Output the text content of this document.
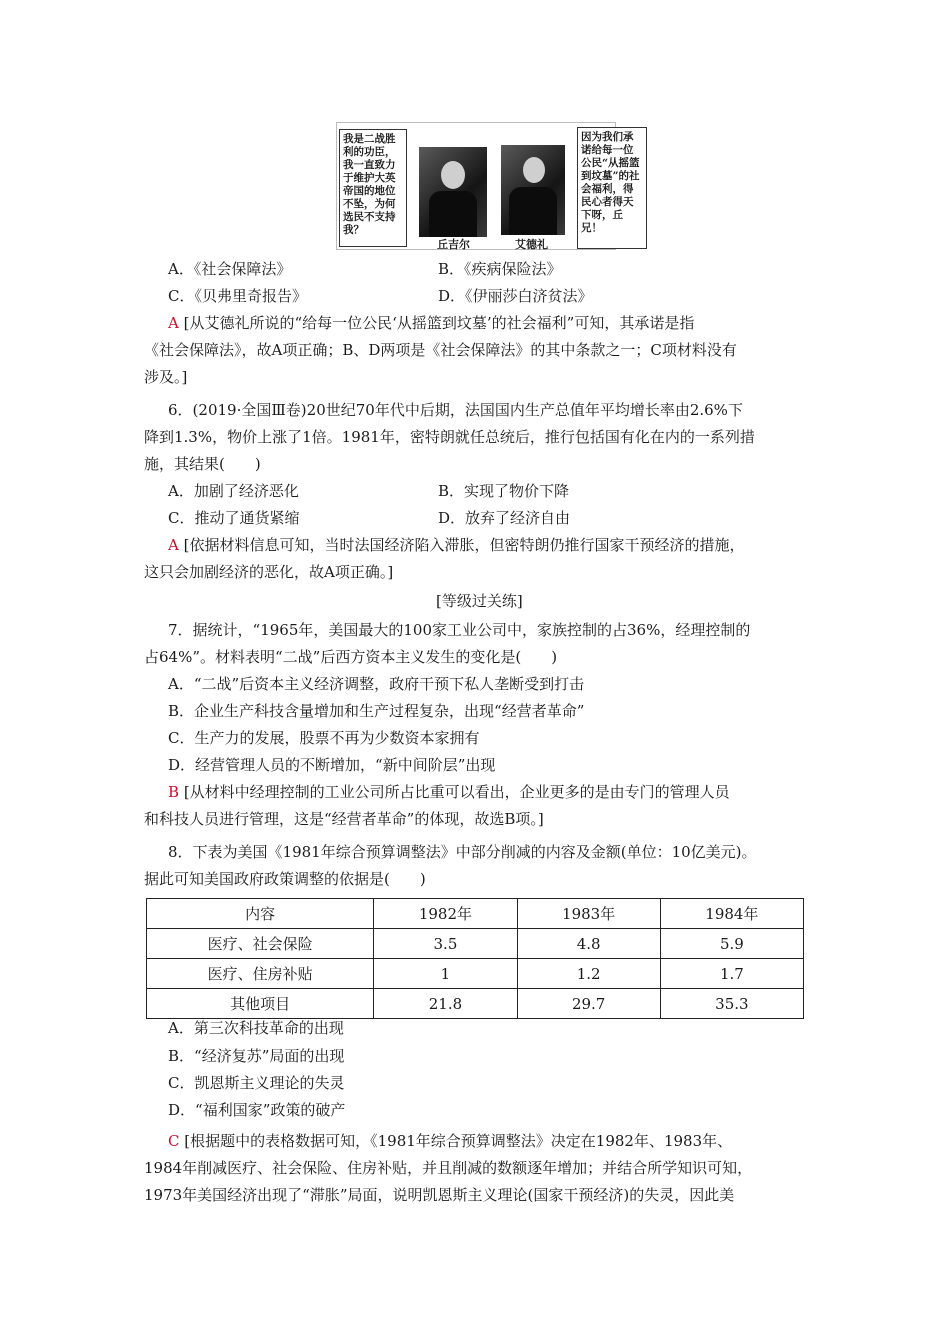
我是二战胜利的功臣，我一直致力于维护大英帝国的地位不坠，为何选民不支持我？
因为我们承诺给每一位公民“从摇篮到坟墓”的社会福利，得民心者得天下呀，丘兄！
丘吉尔	艾德礼
A．《社会保障法》	B．《疾病保险法》
C．《贝弗里奇报告》	D．《伊丽莎白济贫法》
A [从艾德礼所说的“给每一位公民‘从摇篮到坟墓’的社会福利”可知，其承诺是指
《社会保障法》，故A项正确；B、D两项是《社会保障法》的其中条款之一；C项材料没有
涉及。]
6．(2019·全国Ⅲ卷)20世纪70年代中后期，法国国内生产总值年平均增长率由2.6%下
降到1.3%，物价上涨了1倍。1981年，密特朗就任总统后，推行包括国有化在内的一系列措
施，其结果(　　)
A．加剧了经济恶化	B．实现了物价下降
C．推动了通货紧缩	D．放弃了经济自由
A [依据材料信息可知，当时法国经济陷入滞胀，但密特朗仍推行国家干预经济的措施，
这只会加剧经济的恶化，故A项正确。]
[等级过关练]
7．据统计，“1965年，美国最大的100家工业公司中，家族控制的占36%，经理控制的
占64%”。材料表明“二战”后西方资本主义发生的变化是(　　)
A．“二战”后资本主义经济调整，政府干预下私人垄断受到打击
B．企业生产科技含量增加和生产过程复杂，出现“经营者革命”
C．生产力的发展，股票不再为少数资本家拥有
D．经营管理人员的不断增加，“新中间阶层”出现
B [从材料中经理控制的工业公司所占比重可以看出，企业更多的是由专门的管理人员
和科技人员进行管理，这是“经营者革命”的体现，故选B项。]
8．下表为美国《1981年综合预算调整法》中部分削减的内容及金额(单位：10亿美元)。
据此可知美国政府政策调整的依据是(　　)
内容	1982年	1983年	1984年
医疗、社会保险	3.5	4.8	5.9
医疗、住房补贴	1	1.2	1.7
其他项目	21.8	29.7	35.3
A．第三次科技革命的出现
B．“经济复苏”局面的出现
C．凯恩斯主义理论的失灵
D．“福利国家”政策的破产
C [根据题中的表格数据可知，《1981年综合预算调整法》决定在1982年、1983年、
1984年削减医疗、社会保险、住房补贴，并且削减的数额逐年增加；并结合所学知识可知，
1973年美国经济出现了“滞胀”局面，说明凯恩斯主义理论(国家干预经济)的失灵，因此美
